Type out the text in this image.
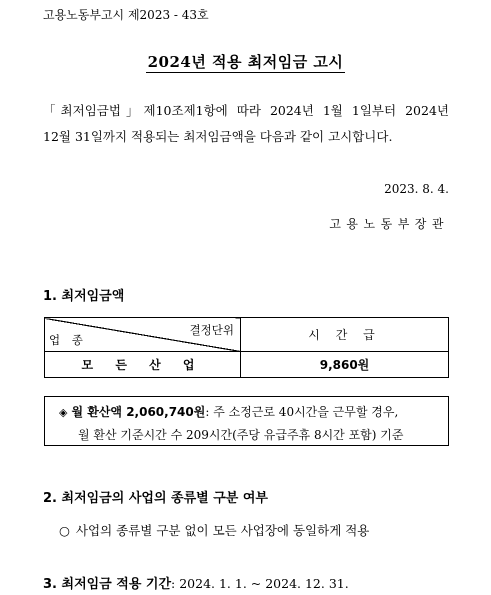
고용노동부고시 제2023 - 43호
2024년 적용 최저임금 고시
「최저임금법」제10조제1항에 따라 2024년 1월 1일부터 2024년
12월 31일까지 적용되는 최저임금액을 다음과 같이 고시합니다.
2023. 8. 4.
고용노동부장관
1. 최저임금액
결정단위
업 종	시 간 급
모 든 산 업	9,860원
◈ 월 환산액 2,060,740원: 주 소정근로 40시간을 근무할 경우,
월 환산 기준시간 수 209시간(주당 유급주휴 8시간 포함) 기준
2. 최저임금의 사업의 종류별 구분 여부
○ 사업의 종류별 구분 없이 모든 사업장에 동일하게 적용
3. 최저임금 적용 기간: 2024. 1. 1. ~ 2024. 12. 31.
